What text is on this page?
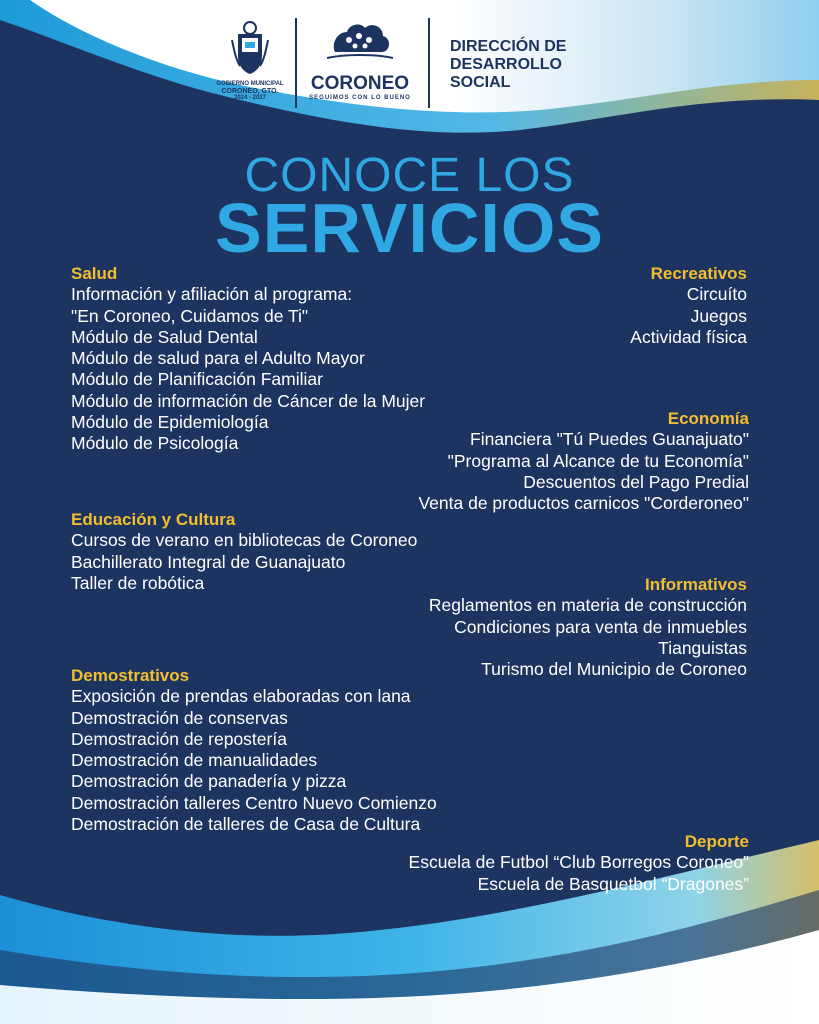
GOBIERNO MUNICIPAL
CORONEO, GTO.
2024 - 2027
CORONEO
SEGUIMOS CON LO BUENO
DIRECCIÓN DE
DESARROLLO
SOCIAL
CONOCE LOS
SERVICIOS
Salud
Información y afiliación al programa:
"En Coroneo, Cuidamos de Ti"
Módulo de Salud Dental
Módulo de salud para el Adulto Mayor
Módulo de Planificación Familiar
Módulo de información de Cáncer de la Mujer
Módulo de Epidemiología
Módulo de Psicología
Recreativos
Circuíto
Juegos
Actividad física
Economía
Financiera "Tú Puedes Guanajuato"
"Programa al Alcance de tu Economía"
Descuentos del Pago Predial
Venta de productos carnicos "Corderoneo"
Educación y Cultura
Cursos de verano en bibliotecas de Coroneo
Bachillerato Integral de Guanajuato
Taller de robótica	Informativos
Reglamentos en materia de construcción
Condiciones para venta de inmuebles
Tianguistas
Turismo del Municipio de Coroneo
Demostrativos
Exposición de prendas elaboradas con lana
Demostración de conservas
Demostración de repostería
Demostración de manualidades
Demostración de panadería y pizza
Demostración talleres Centro Nuevo Comienzo
Demostración de talleres de Casa de Cultura
Deporte
Escuela de Futbol “Club Borregos Coroneo”
Escuela de Basquetbol “Dragones”
